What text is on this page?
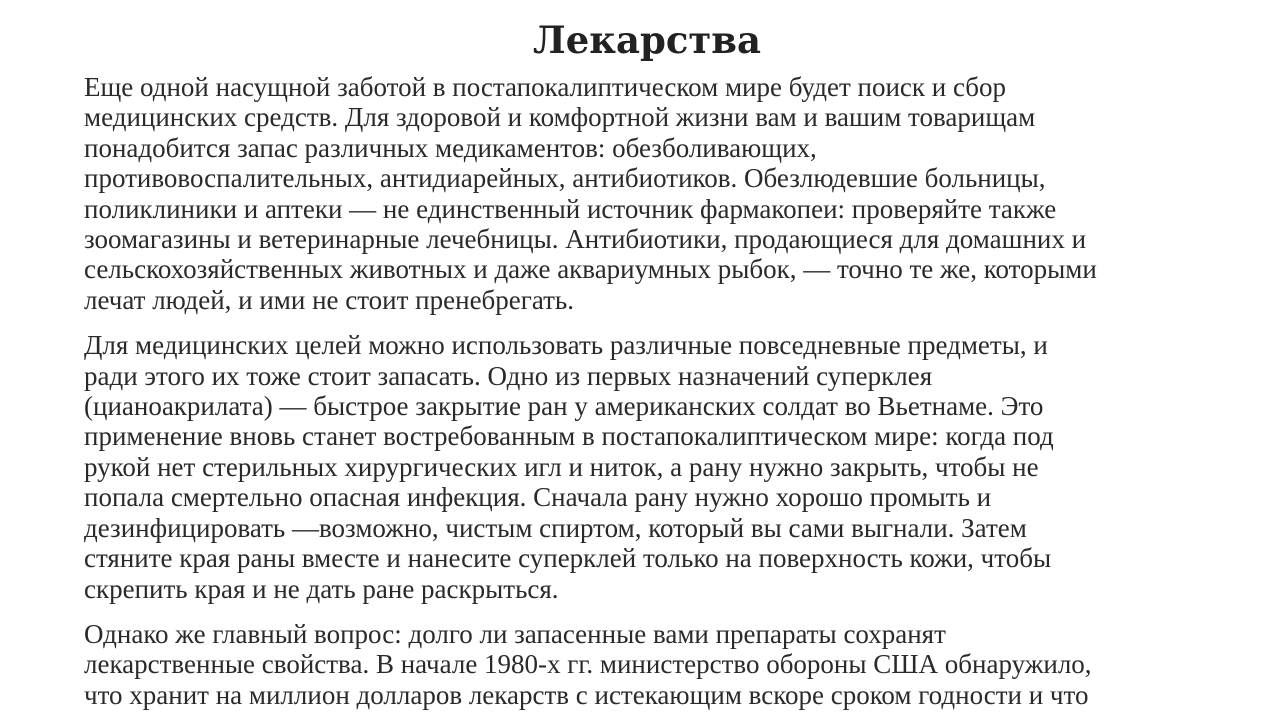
Лекарства

Еще одной насущной заботой в постапокалиптическом мире будет поиск и сбор
медицинских средств. Для здоровой и комфортной жизни вам и вашим товарищам
понадобится запас различных медикаментов: обезболивающих,
противовоспалительных, антидиарейных, антибиотиков. Обезлюдевшие больницы,
поликлиники и аптеки — не единственный источник фармакопеи: проверяйте также
зоомагазины и ветеринарные лечебницы. Антибиотики, продающиеся для домашних и
сельскохозяйственных животных и даже аквариумных рыбок, — точно те же, которыми
лечат людей, и ими не стоит пренебрегать.

Для медицинских целей можно использовать различные повседневные предметы, и
ради этого их тоже стоит запасать. Одно из первых назначений суперклея
(цианоакрилата) — быстрое закрытие ран у американских солдат во Вьетнаме. Это
применение вновь станет востребованным в постапокалиптическом мире: когда под
рукой нет стерильных хирургических игл и ниток, а рану нужно закрыть, чтобы не
попала смертельно опасная инфекция. Сначала рану нужно хорошо промыть и
дезинфицировать —возможно, чистым спиртом, который вы сами выгнали. Затем
стяните края раны вместе и нанесите суперклей только на поверхность кожи, чтобы
скрепить края и не дать ране раскрыться.

Однако же главный вопрос: долго ли запасенные вами препараты сохранят
лекарственные свойства. В начале 1980-х гг. министерство обороны США обнаружило,
что хранит на миллион долларов лекарств с истекающим вскоре сроком годности и что
